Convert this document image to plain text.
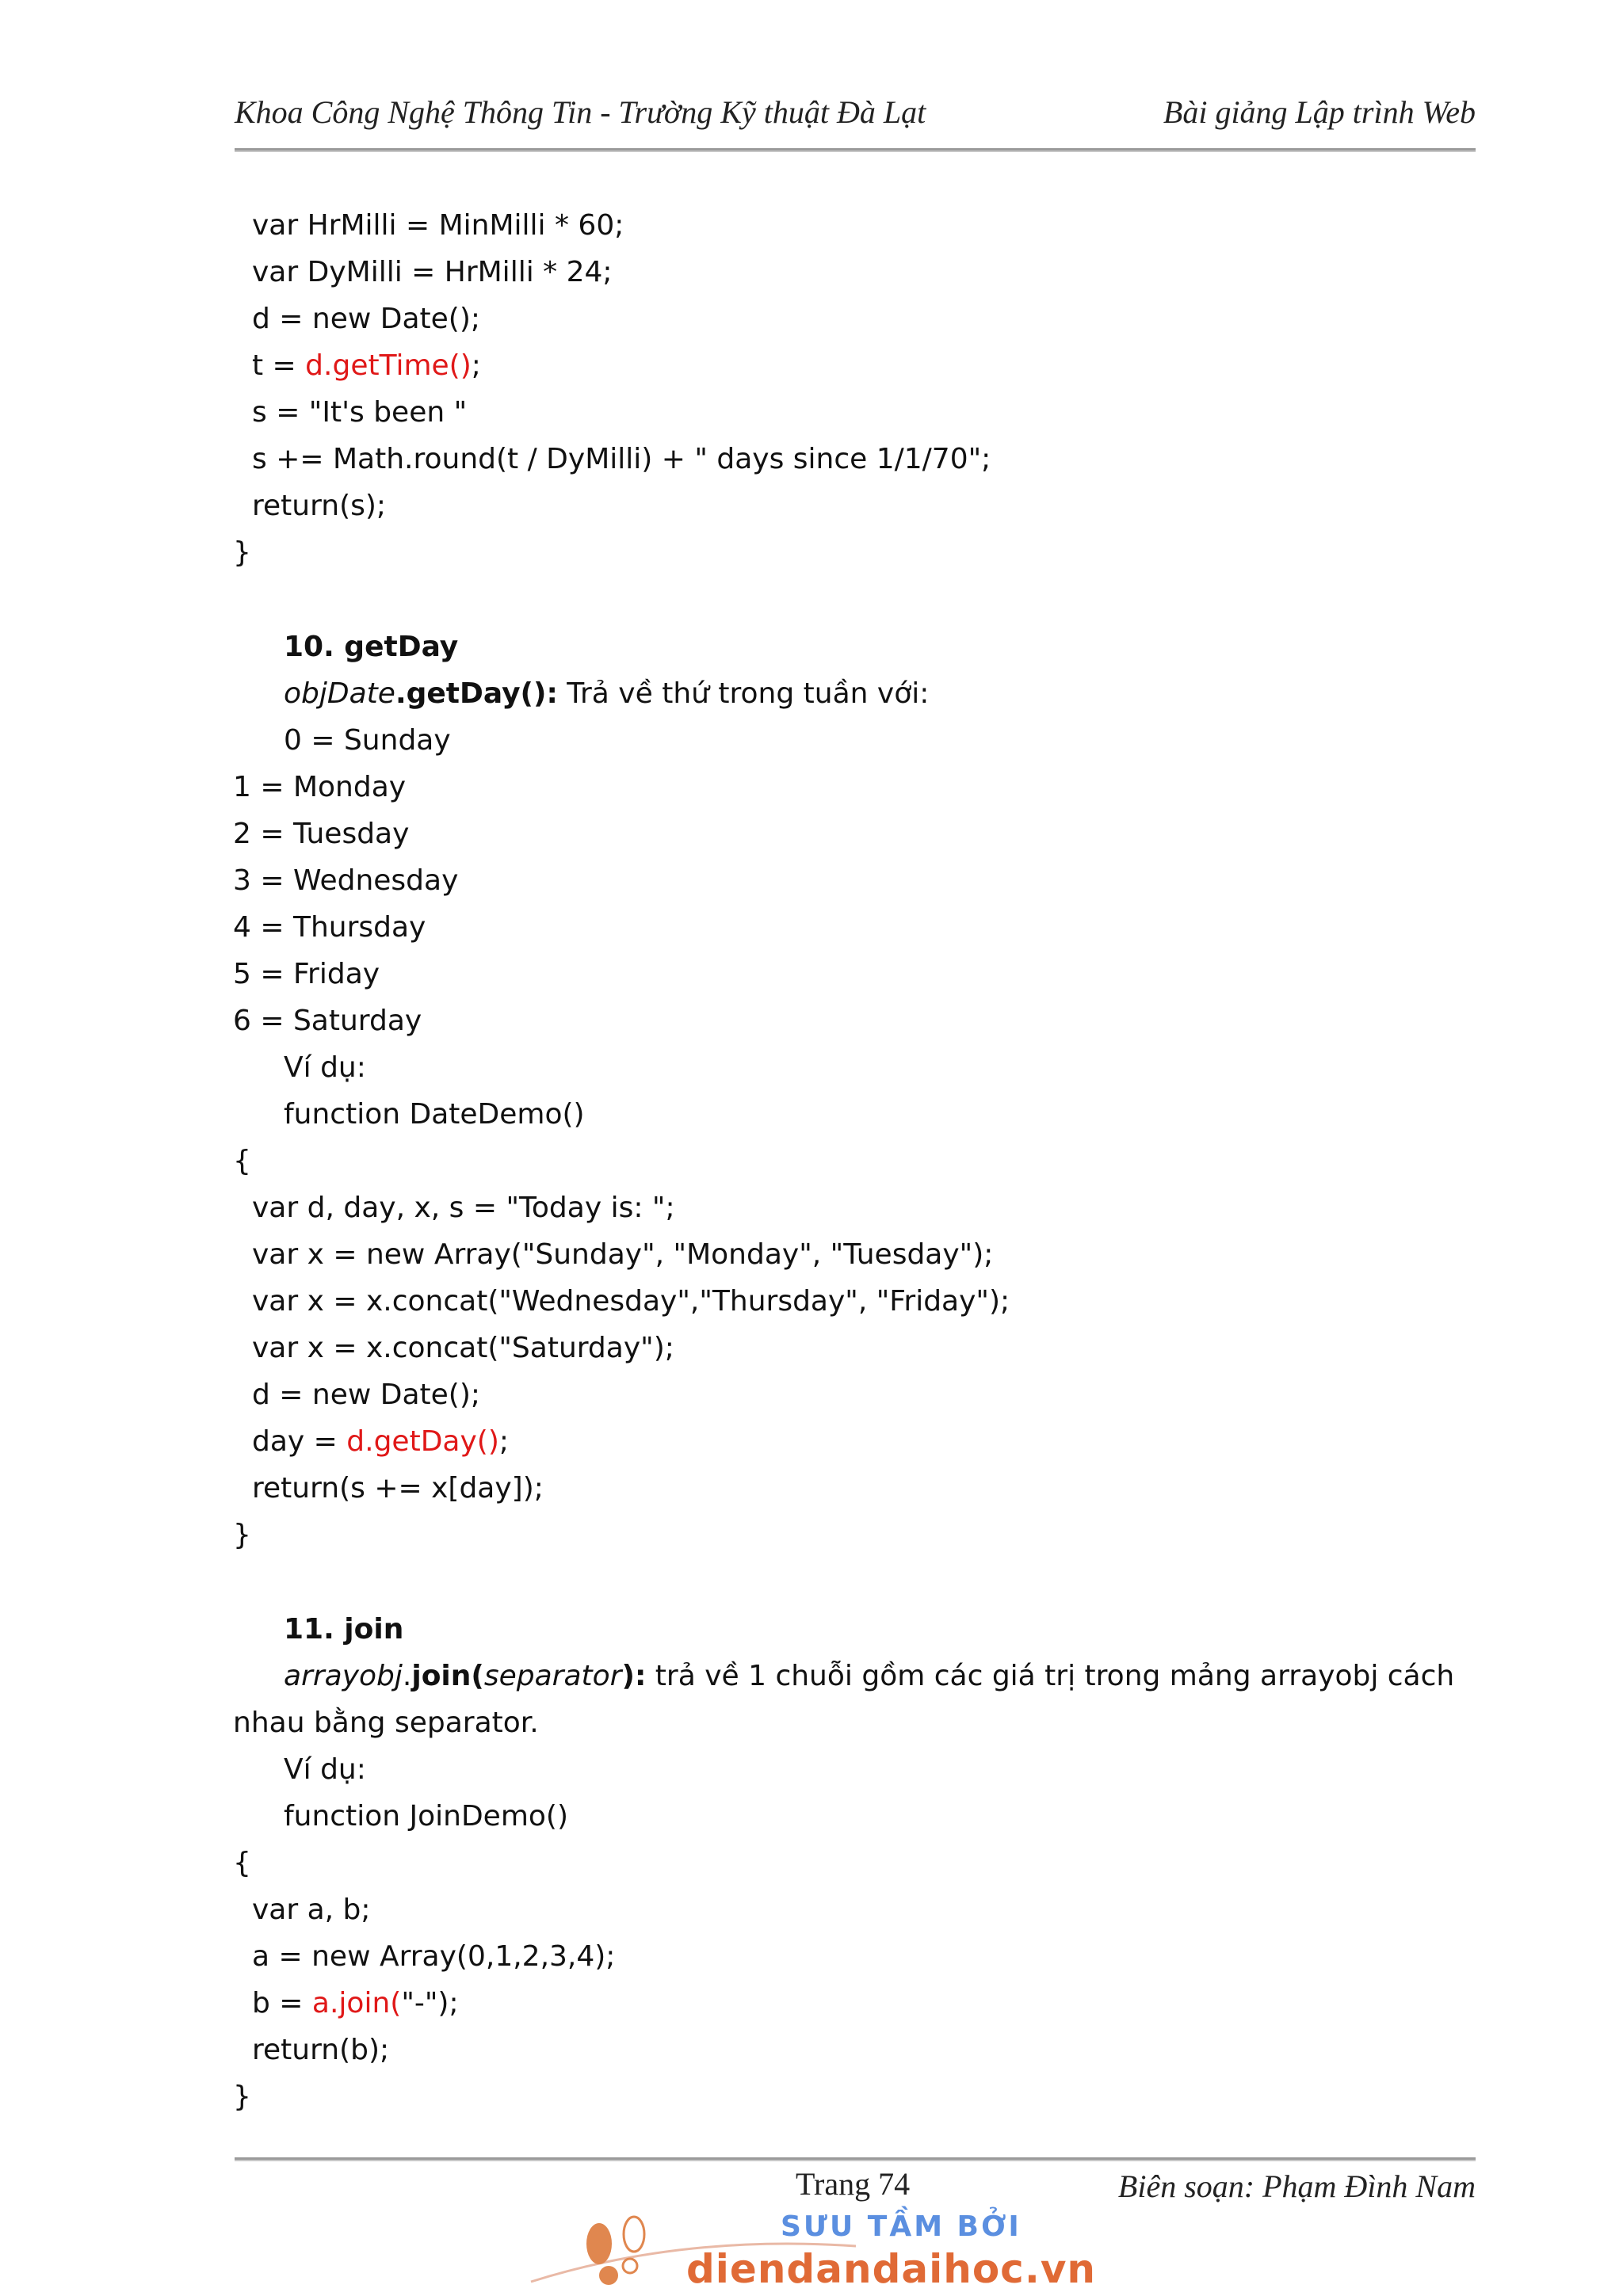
Khoa Công Nghệ Thông Tin - Trường Kỹ thuật Đà Lạt	Bài giảng Lập trình Web
var HrMilli = MinMilli * 60;
var DyMilli = HrMilli * 24;
d = new Date();
t = d.getTime();
s = "It's been "
s += Math.round(t / DyMilli) + " days since 1/1/70";
return(s);
}
10. getDay
objDate.getDay(): Trả về thứ trong tuần với:
0 = Sunday
1 = Monday
2 = Tuesday
3 = Wednesday
4 = Thursday
5 = Friday
6 = Saturday
Ví dụ:
function DateDemo()
{
var d, day, x, s = "Today is: ";
var x = new Array("Sunday", "Monday", "Tuesday");
var x = x.concat("Wednesday","Thursday", "Friday");
var x = x.concat("Saturday");
d = new Date();
day = d.getDay();
return(s += x[day]);
}
11. join
arrayobj.join(separator): trả về 1 chuỗi gồm các giá trị trong mảng arrayobj cách
nhau bằng separator.
Ví dụ:
function JoinDemo()
{
var a, b;
a = new Array(0,1,2,3,4);
b = a.join("-");
return(b);
}
Trang 74	Biên soạn: Phạm Đình Nam
SƯU TẦM BỞI
diendandaihoc.vn
